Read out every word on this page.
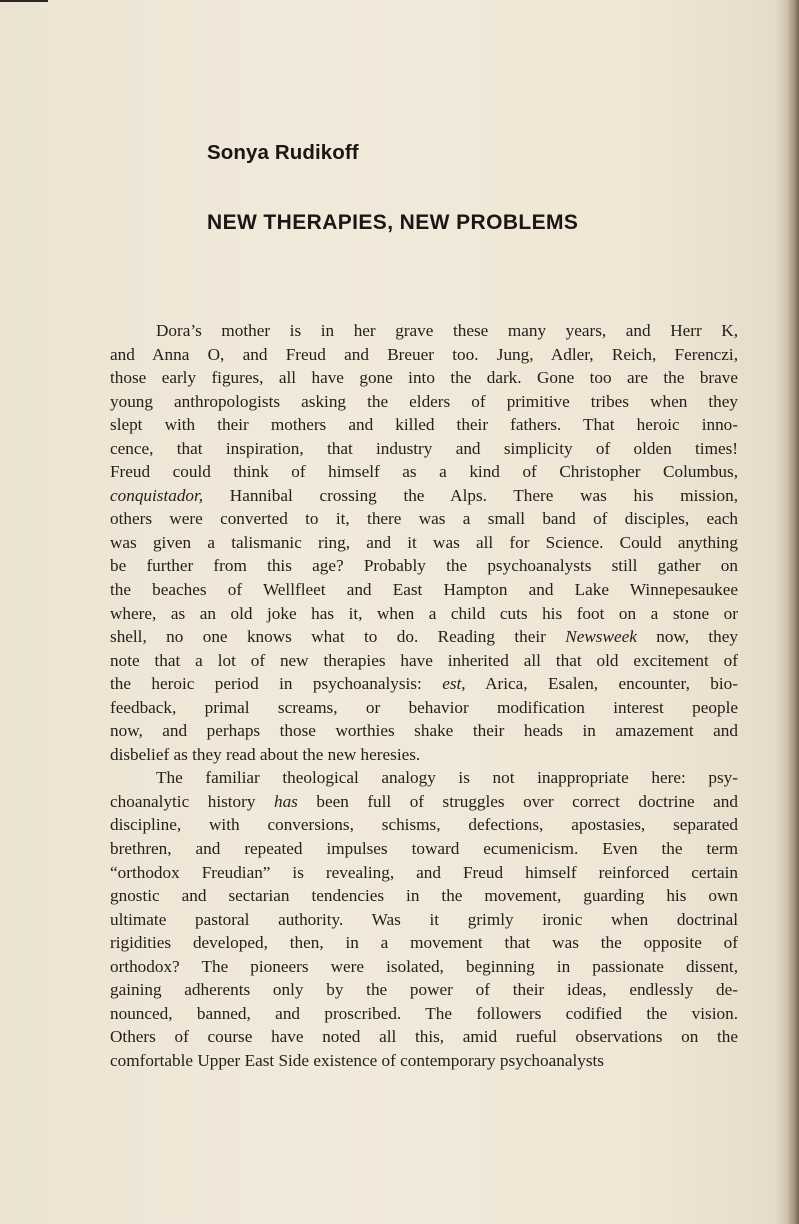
Sonya Rudikoff
NEW THERAPIES, NEW PROBLEMS
Dora’s mother is in her grave these many years, and Herr K,
and Anna O, and Freud and Breuer too. Jung, Adler, Reich, Ferenczi,
those early figures, all have gone into the dark. Gone too are the brave
young anthropologists asking the elders of primitive tribes when they
slept with their mothers and killed their fathers. That heroic inno-
cence, that inspiration, that industry and simplicity of olden times!
Freud could think of himself as a kind of Christopher Columbus,
conquistador, Hannibal crossing the Alps. There was his mission,
others were converted to it, there was a small band of disciples, each
was given a talismanic ring, and it was all for Science. Could anything
be further from this age? Probably the psychoanalysts still gather on
the beaches of Wellfleet and East Hampton and Lake Winnepesaukee
where, as an old joke has it, when a child cuts his foot on a stone or
shell, no one knows what to do. Reading their Newsweek now, they
note that a lot of new therapies have inherited all that old excitement of
the heroic period in psychoanalysis: est, Arica, Esalen, encounter, bio-
feedback, primal screams, or behavior modification interest people
now, and perhaps those worthies shake their heads in amazement and
disbelief as they read about the new heresies.
The familiar theological analogy is not inappropriate here: psy-
choanalytic history has been full of struggles over correct doctrine and
discipline, with conversions, schisms, defections, apostasies, separated
brethren, and repeated impulses toward ecumenicism. Even the term
“orthodox Freudian” is revealing, and Freud himself reinforced certain
gnostic and sectarian tendencies in the movement, guarding his own
ultimate pastoral authority. Was it grimly ironic when doctrinal
rigidities developed, then, in a movement that was the opposite of
orthodox? The pioneers were isolated, beginning in passionate dissent,
gaining adherents only by the power of their ideas, endlessly de-
nounced, banned, and proscribed. The followers codified the vision.
Others of course have noted all this, amid rueful observations on the
comfortable Upper East Side existence of contemporary psychoanalysts
